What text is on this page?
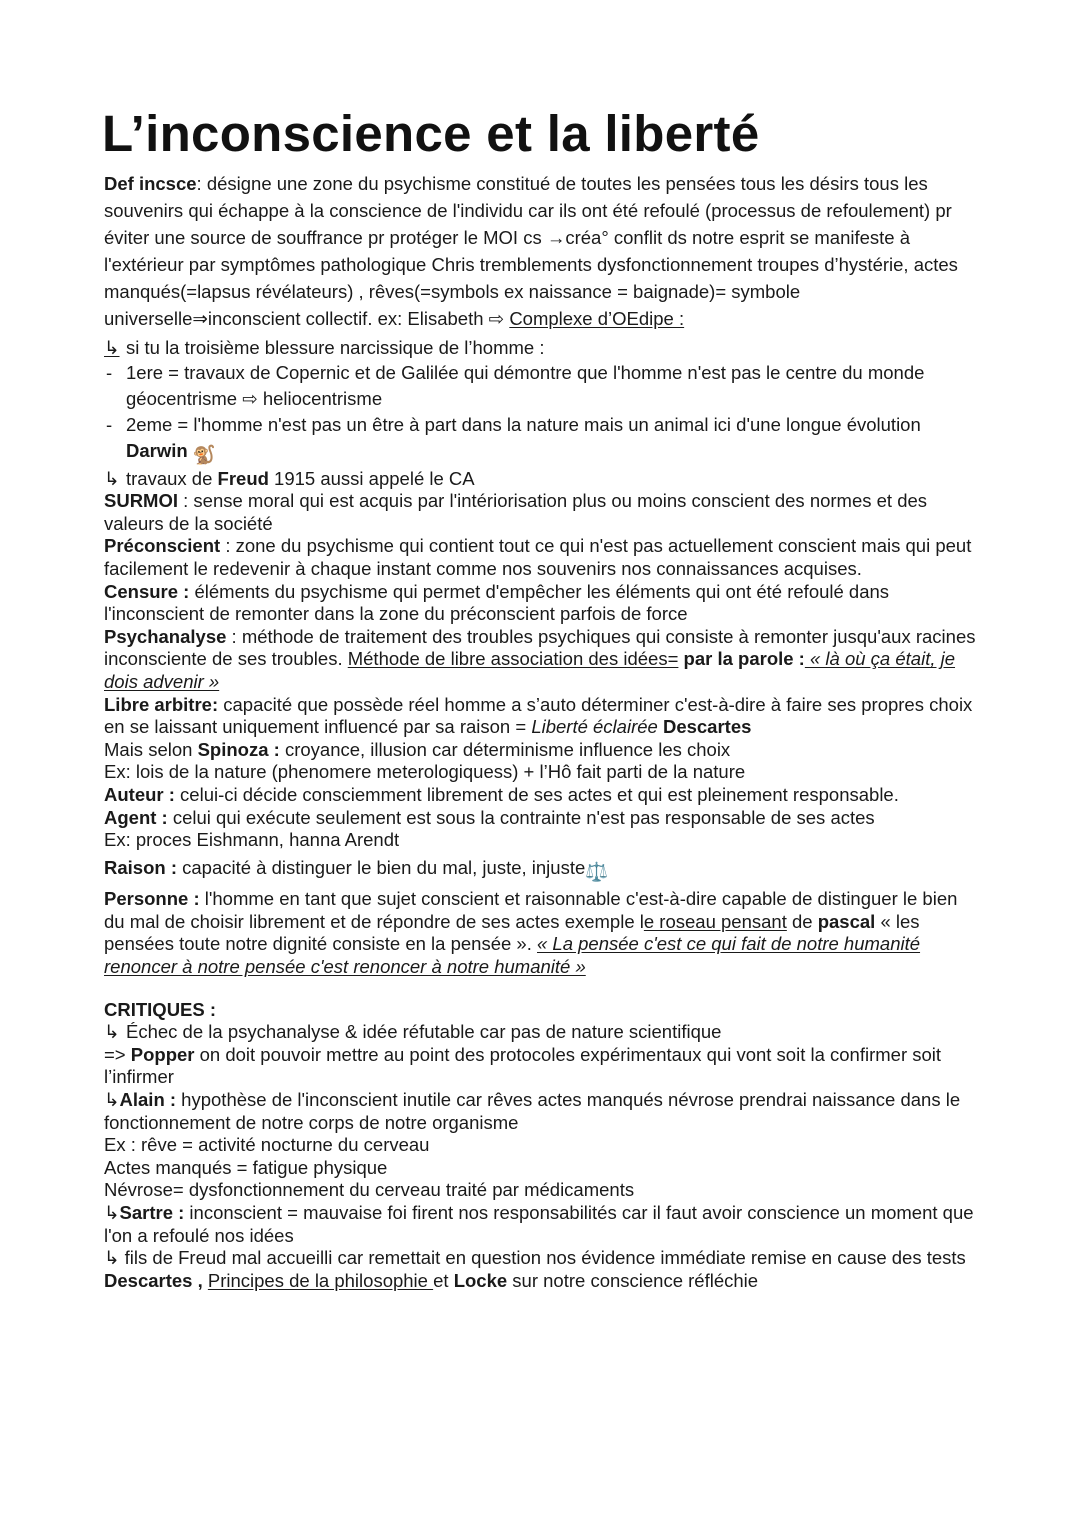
L’inconscience et la liberté

Def incsce: désigne une zone du psychisme constitué de toutes les pensées tous les désirs tous les souvenirs qui échappe à la conscience de l'individu car ils ont été refoulé (processus de refoulement) pr éviter une source de souffrance pr protéger le MOI cs →créa° conflit ds notre esprit se manifeste à l'extérieur par symptômes pathologique Chris tremblements dysfonctionnement troupes d’hystérie, actes manqués(=lapsus révélateurs) , rêves(=symbols ex naissance = baignade)= symbole universelle⇒inconscient collectif. ex: Elisabeth ⇨ Complexe d’OEdipe :

↳ si tu la troisième blessure narcissique de l’homme :

- 1ere = travaux de Copernic et de Galilée qui démontre que l'homme n'est pas le centre du monde géocentrisme ⇨ heliocentrisme
- 2eme = l'homme n'est pas un être à part dans la nature mais un animal ici d'une longue évolution Darwin 🐒

↳ travaux de Freud 1915 aussi appelé le CA

SURMOI : sense moral qui est acquis par l'intériorisation plus ou moins conscient des normes et des valeurs de la société

Préconscient : zone du psychisme qui contient tout ce qui n'est pas actuellement conscient mais qui peut facilement le redevenir à chaque instant comme nos souvenirs nos connaissances acquises.

Censure : éléments du psychisme qui permet d'empêcher les éléments qui ont été refoulé dans l'inconscient de remonter dans la zone du préconscient parfois de force

Psychanalyse : méthode de traitement des troubles psychiques qui consiste à remonter jusqu'aux racines inconsciente de ses troubles. Méthode de libre association des idées= par la parole : « là où ça était, je dois advenir »

Libre arbitre: capacité que possède réel homme a s’auto déterminer c'est-à-dire à faire ses propres choix en se laissant uniquement influencé par sa raison = Liberté éclairée Descartes

Mais selon Spinoza : croyance, illusion car déterminisme influence les choix

Ex: lois de la nature (phenomere meterologiquess) + l’Hô fait parti de la nature

Auteur : celui-ci décide consciemment librement de ses actes et qui est pleinement responsable.

Agent : celui qui exécute seulement est sous la contrainte n'est pas responsable de ses actes

Ex: proces Eishmann, hanna Arendt

Raison : capacité à distinguer le bien du mal, juste, injuste⚖️

Personne : l'homme en tant que sujet conscient et raisonnable c'est-à-dire capable de distinguer le bien du mal de choisir librement et de répondre de ses actes exemple le roseau pensant de pascal « les pensées toute notre dignité consiste en la pensée ». « La pensée c'est ce qui fait de notre humanité renoncer à notre pensée c'est renoncer à notre humanité »

CRITIQUES :

↳ Échec de la psychanalyse & idée réfutable car pas de nature scientifique

=> Popper on doit pouvoir mettre au point des protocoles expérimentaux qui vont soit la confirmer soit l’infirmer

↳Alain : hypothèse de l'inconscient inutile car rêves actes manqués névrose prendrai naissance dans le fonctionnement de notre corps de notre organisme

Ex : rêve = activité nocturne du cerveau

Actes manqués = fatigue physique

Névrose= dysfonctionnement du cerveau traité par médicaments

↳Sartre : inconscient = mauvaise foi firent nos responsabilités car il faut avoir conscience un moment que l'on a refoulé nos idées

↳ fils de Freud mal accueilli car remettait en question nos évidence immédiate remise en cause des tests Descartes , Principes de la philosophie et Locke sur notre conscience réfléchie
